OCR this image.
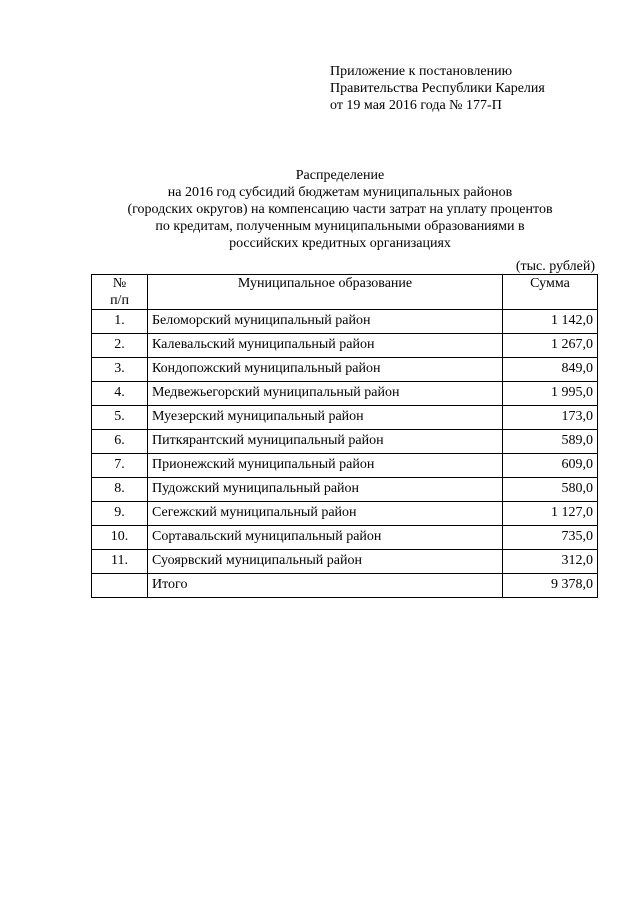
Приложение к постановлению
Правительства Республики Карелия
от 19 мая 2016 года № 177-П
Распределение
на 2016 год субсидий бюджетам муниципальных районов
(городских округов) на компенсацию части затрат на уплату процентов
по кредитам, полученным муниципальными образованиями в
российских кредитных организациях
(тыс. рублей)
№
п/п	Муниципальное образование	Сумма
1.	Беломорский муниципальный район	1 142,0
2.	Калевальский муниципальный район	1 267,0
3.	Кондопожский муниципальный район	849,0
4.	Медвежьегорский муниципальный район	1 995,0
5.	Муезерский муниципальный район	173,0
6.	Питкярантский муниципальный район	589,0
7.	Прионежский муниципальный район	609,0
8.	Пудожский муниципальный район	580,0
9.	Сегежский муниципальный район	1 127,0
10.	Сортавальский муниципальный район	735,0
11.	Суоярвский муниципальный район	312,0
	Итого	9 378,0
